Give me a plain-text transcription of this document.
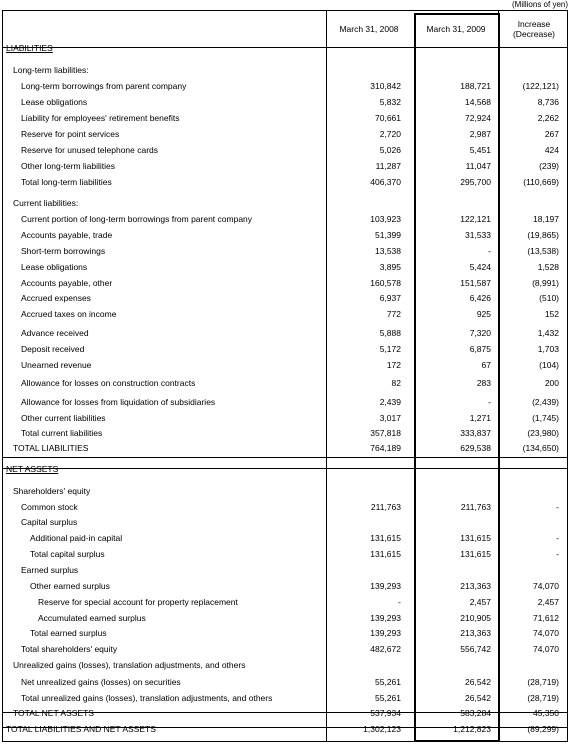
(Millions of yen)
March 31, 2008	March 31, 2009	Increase
(Decrease)
LIABILITIES
Long-term liabilities:
Long-term borrowings from parent company	310,842	188,721	(122,121)
Lease obligations	5,832	14,568	8,736
Liability for employees' retirement benefits	70,661	72,924	2,262
Reserve for point services	2,720	2,987	267
Reserve for unused telephone cards	5,026	5,451	424
Other long-term liabilities	11,287	11,047	(239)
Total long-term liabilities	406,370	295,700	(110,669)
Current liabilities:
Current portion of long-term borrowings from parent company	103,923	122,121	18,197
Accounts payable, trade	51,399	31,533	(19,865)
Short-term borrowings	13,538	-	(13,538)
Lease obligations	3,895	5,424	1,528
Accounts payable, other	160,578	151,587	(8,991)
Accrued expenses	6,937	6,426	(510)
Accrued taxes on income	772	925	152
Advance received	5,888	7,320	1,432
Deposit received	5,172	6,875	1,703
Unearned revenue	172	67	(104)
Allowance for losses on construction contracts	82	283	200
Allowance for losses from liquidation of subsidiaries	2,439	-	(2,439)
Other current liabilities	3,017	1,271	(1,745)
Total current liabilities	357,818	333,837	(23,980)
TOTAL LIABILITIES	764,189	629,538	(134,650)
NET ASSETS
Shareholders' equity
Common stock	211,763	211,763	-
Capital surplus
Additional paid-in capital	131,615	131,615	-
Total capital surplus	131,615	131,615	-
Earned surplus
Other earned surplus	139,293	213,363	74,070
Reserve for special account for property replacement	-	2,457	2,457
Accumulated earned surplus	139,293	210,905	71,612
Total earned surplus	139,293	213,363	74,070
Total shareholders' equity	482,672	556,742	74,070
Unrealized gains (losses), translation adjustments, and others
Net unrealized gains (losses) on securities	55,261	26,542	(28,719)
Total unrealized gains (losses), translation adjustments, and others	55,261	26,542	(28,719)
TOTAL NET ASSETS	537,934	583,284	45,350
TOTAL LIABILITIES AND NET ASSETS	1,302,123	1,212,823	(89,299)
